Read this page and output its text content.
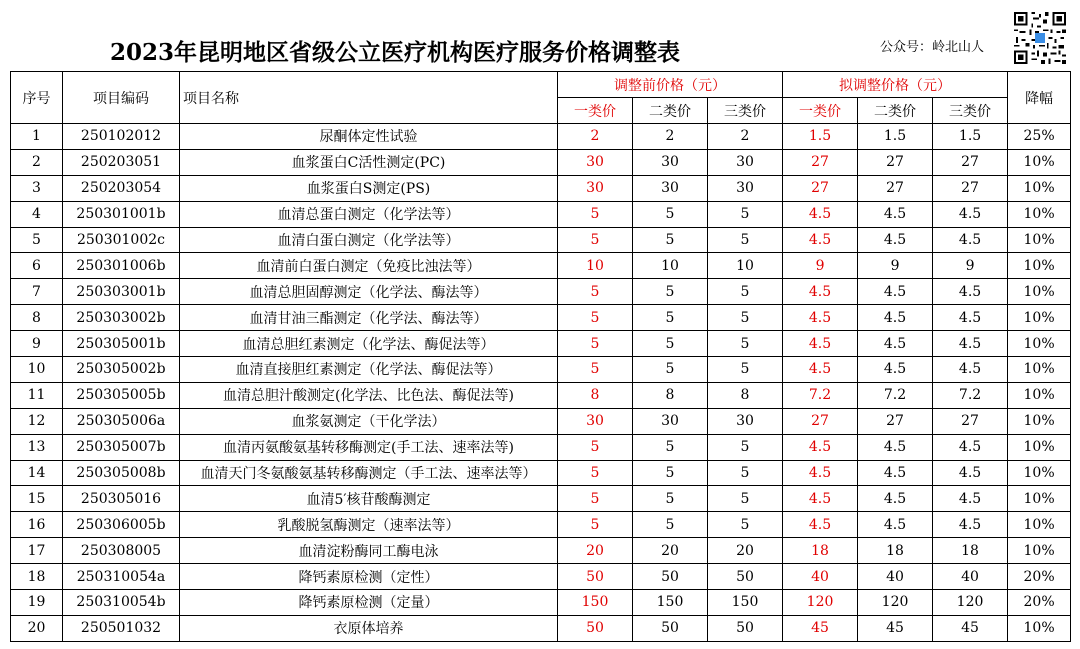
2023年昆明地区省级公立医疗机构医疗服务价格调整表	公众号：岭北山人
序号	项目编码	项目名称	调整前价格（元）			拟调整价格（元）			降幅
			一类价	二类价	三类价	一类价	二类价	三类价	
1	250102012	尿酮体定性试验	2	2	2	1.5	1.5	1.5	25%
2	250203051	血浆蛋白C活性测定(PC)	30	30	30	27	27	27	10%
3	250203054	血浆蛋白S测定(PS)	30	30	30	27	27	27	10%
4	250301001b	血清总蛋白测定（化学法等）	5	5	5	4.5	4.5	4.5	10%
5	250301002c	血清白蛋白测定（化学法等）	5	5	5	4.5	4.5	4.5	10%
6	250301006b	血清前白蛋白测定（免疫比浊法等）	10	10	10	9	9	9	10%
7	250303001b	血清总胆固醇测定（化学法、酶法等）	5	5	5	4.5	4.5	4.5	10%
8	250303002b	血清甘油三酯测定（化学法、酶法等）	5	5	5	4.5	4.5	4.5	10%
9	250305001b	血清总胆红素测定（化学法、酶促法等）	5	5	5	4.5	4.5	4.5	10%
10	250305002b	血清直接胆红素测定（化学法、酶促法等）	5	5	5	4.5	4.5	4.5	10%
11	250305005b	血清总胆汁酸测定(化学法、比色法、酶促法等)	8	8	8	7.2	7.2	7.2	10%
12	250305006a	血浆氨测定（干化学法）	30	30	30	27	27	27	10%
13	250305007b	血清丙氨酸氨基转移酶测定(手工法、速率法等)	5	5	5	4.5	4.5	4.5	10%
14	250305008b	血清天门冬氨酸氨基转移酶测定（手工法、速率法等）	5	5	5	4.5	4.5	4.5	10%
15	250305016	血清5′核苷酸酶测定	5	5	5	4.5	4.5	4.5	10%
16	250306005b	乳酸脱氢酶测定（速率法等）	5	5	5	4.5	4.5	4.5	10%
17	250308005	血清淀粉酶同工酶电泳	20	20	20	18	18	18	10%
18	250310054a	降钙素原检测（定性）	50	50	50	40	40	40	20%
19	250310054b	降钙素原检测（定量）	150	150	150	120	120	120	20%
20	250501032	衣原体培养	50	50	50	45	45	45	10%
